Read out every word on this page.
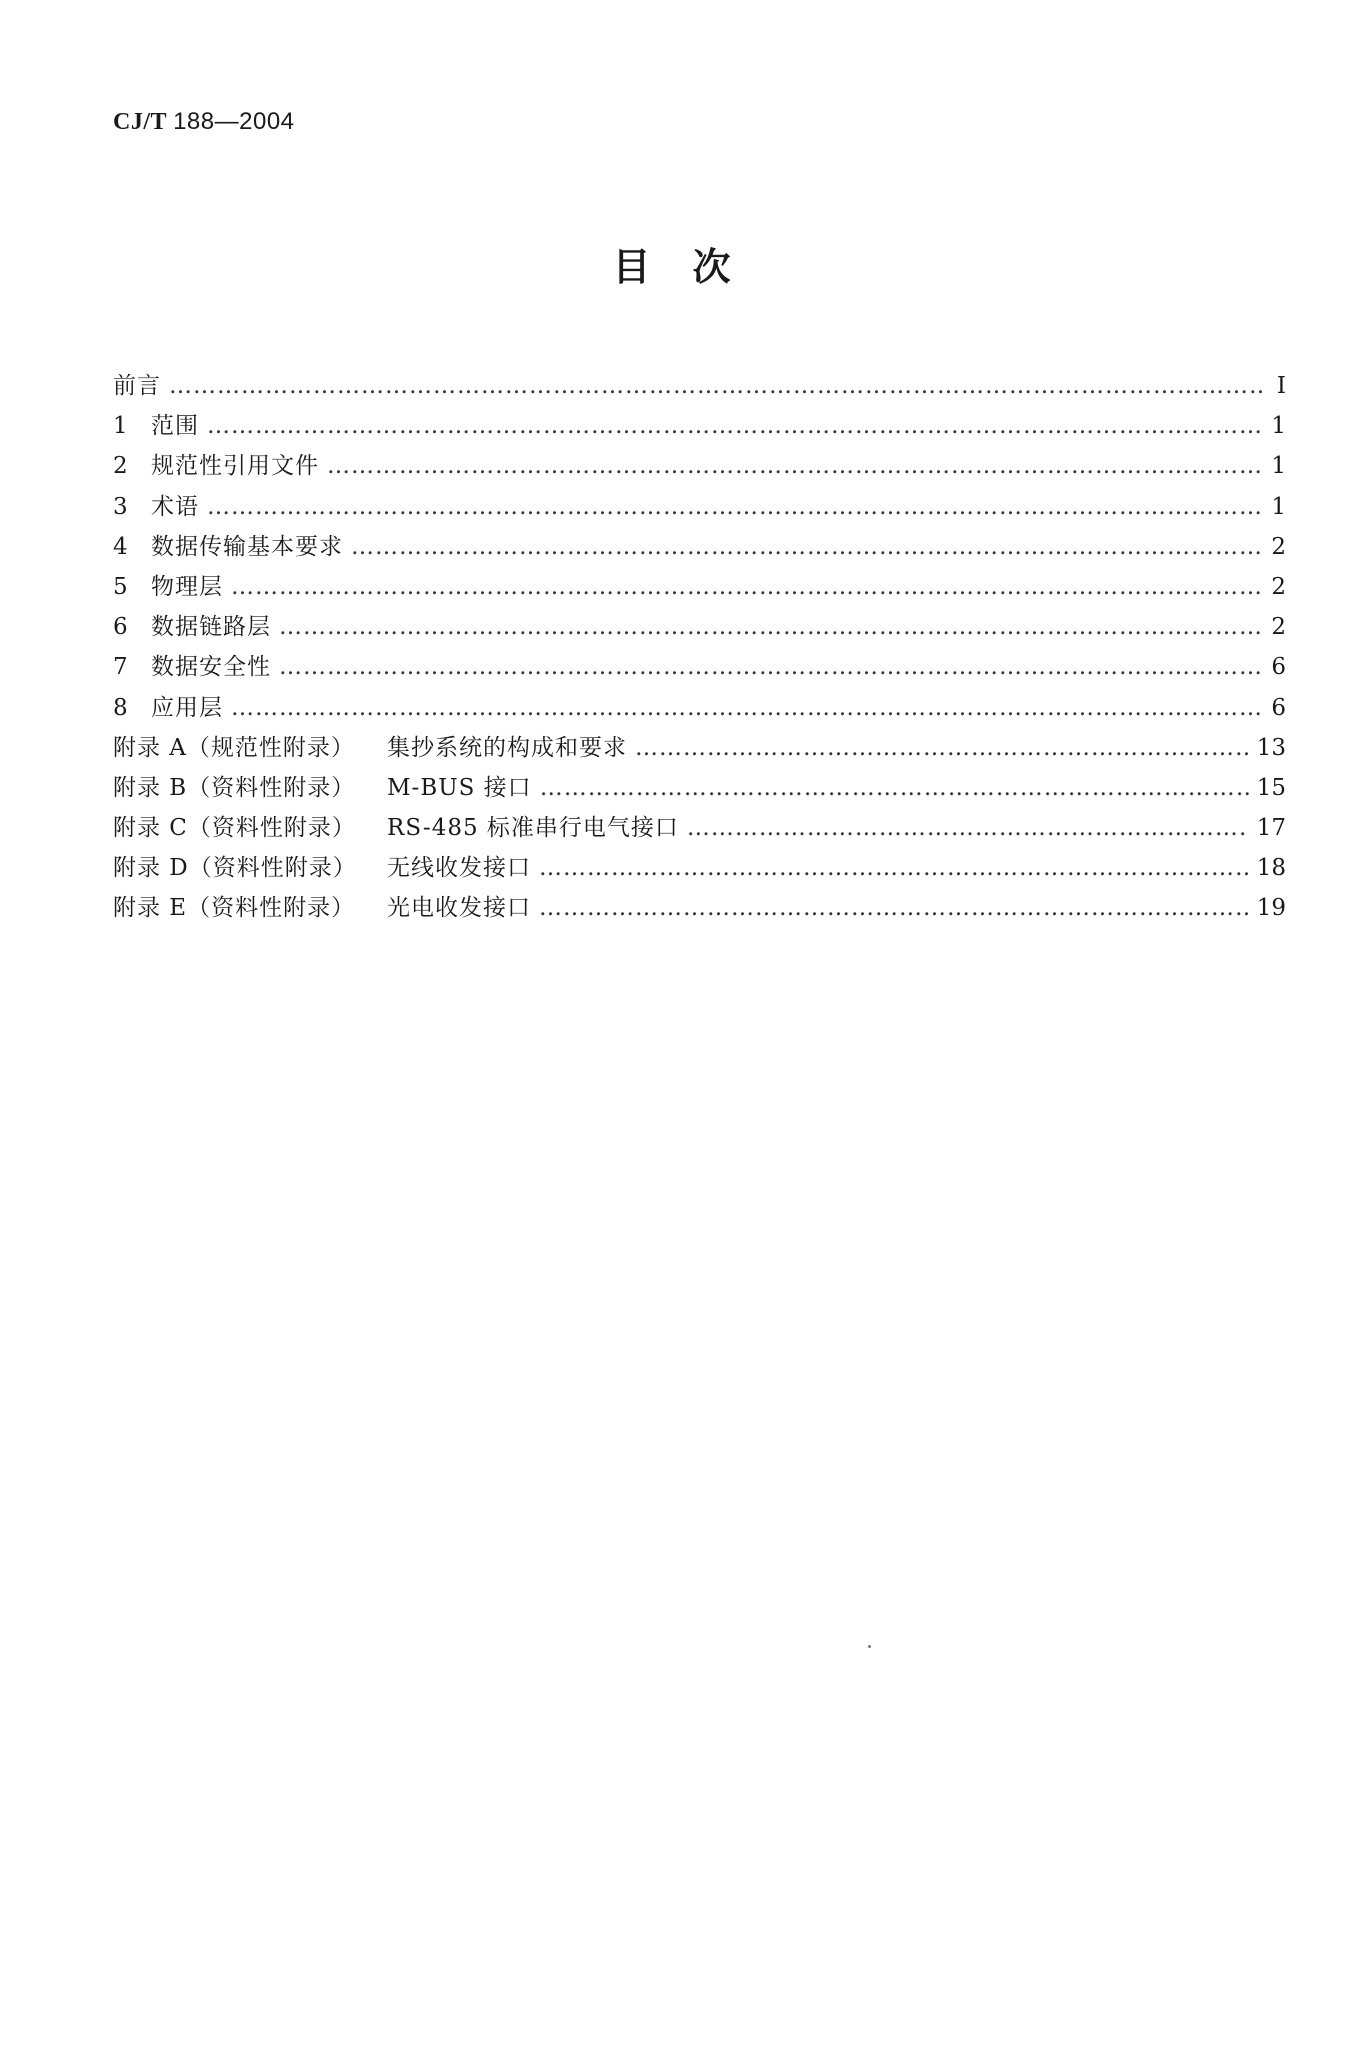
CJ/T 188—2004
目　次
前言 …………………………………………………………………………………………………………………………………………………………………………………………………………………………………………………………………………	I
1	范围 …………………………………………………………………………………………………………………………………………………………………………………………………………………………………………………………………………	1
2	规范性引用文件 …………………………………………………………………………………………………………………………………………………………………………………………………………………………………………………………………………	1
3	术语 …………………………………………………………………………………………………………………………………………………………………………………………………………………………………………………………………………	1
4	数据传输基本要求 …………………………………………………………………………………………………………………………………………………………………………………………………………………………………………………………………………	2
5	物理层 …………………………………………………………………………………………………………………………………………………………………………………………………………………………………………………………………………	2
6	数据链路层 …………………………………………………………………………………………………………………………………………………………………………………………………………………………………………………………………………	2
7	数据安全性 …………………………………………………………………………………………………………………………………………………………………………………………………………………………………………………………………………	6
8	应用层 …………………………………………………………………………………………………………………………………………………………………………………………………………………………………………………………………………	6
附录 A（规范性附录）	集抄系统的构成和要求 …………………………………………………………………………………………………………………………………………………………………………………………………………………………………………………………………………	13
附录 B（资料性附录）	M-BUS 接口 …………………………………………………………………………………………………………………………………………………………………………………………………………………………………………………………………………	15
附录 C（资料性附录）	RS-485 标准串行电气接口 …………………………………………………………………………………………………………………………………………………………………………………………………………………………………………………………………………	17
附录 D（资料性附录）	无线收发接口 …………………………………………………………………………………………………………………………………………………………………………………………………………………………………………………………………………	18
附录 E（资料性附录）	光电收发接口 …………………………………………………………………………………………………………………………………………………………………………………………………………………………………………………………………………	19
